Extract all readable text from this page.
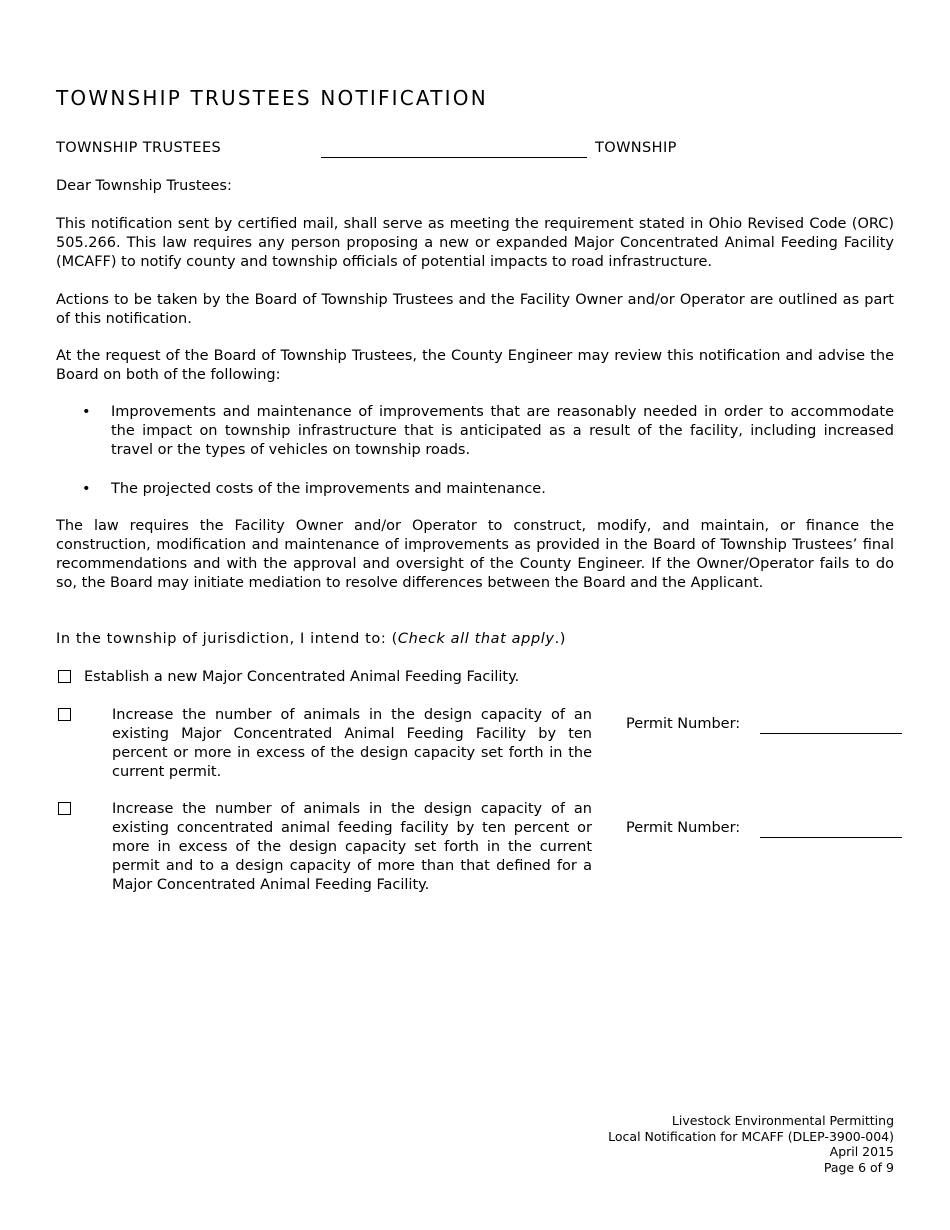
TOWNSHIP TRUSTEES NOTIFICATION
TOWNSHIP TRUSTEES	TOWNSHIP

Dear Township Trustees:

This notification sent by certified mail, shall serve as meeting the requirement stated in Ohio Revised Code (ORC) 505.266. This law requires any person proposing a new or expanded Major Concentrated Animal Feeding Facility (MCAFF) to notify county and township officials of potential impacts to road infrastructure.

Actions to be taken by the Board of Township Trustees and the Facility Owner and/or Operator are outlined as part of this notification.

At the request of the Board of Township Trustees, the County Engineer may review this notification and advise the Board on both of the following:

• Improvements and maintenance of improvements that are reasonably needed in order to accommodate the impact on township infrastructure that is anticipated as a result of the facility, including increased travel or the types of vehicles on township roads.
• The projected costs of the improvements and maintenance.

The law requires the Facility Owner and/or Operator to construct, modify, and maintain, or finance the construction, modification and maintenance of improvements as provided in the Board of Township Trustees’ final recommendations and with the approval and oversight of the County Engineer. If the Owner/Operator fails to do so, the Board may initiate mediation to resolve differences between the Board and the Applicant.

In the township of jurisdiction, I intend to: (Check all that apply.)
Establish a new Major Concentrated Animal Feeding Facility.
Increase the number of animals in the design capacity of an existing Major Concentrated Animal Feeding Facility by ten percent or more in excess of the design capacity set forth in the current permit.
Permit Number:
Increase the number of animals in the design capacity of an existing concentrated animal feeding facility by ten percent or more in excess of the design capacity set forth in the current permit and to a design capacity of more than that defined for a Major Concentrated Animal Feeding Facility.
Permit Number:
Livestock Environmental Permitting
Local Notification for MCAFF (DLEP-3900-004)
April 2015
Page 6 of 9
